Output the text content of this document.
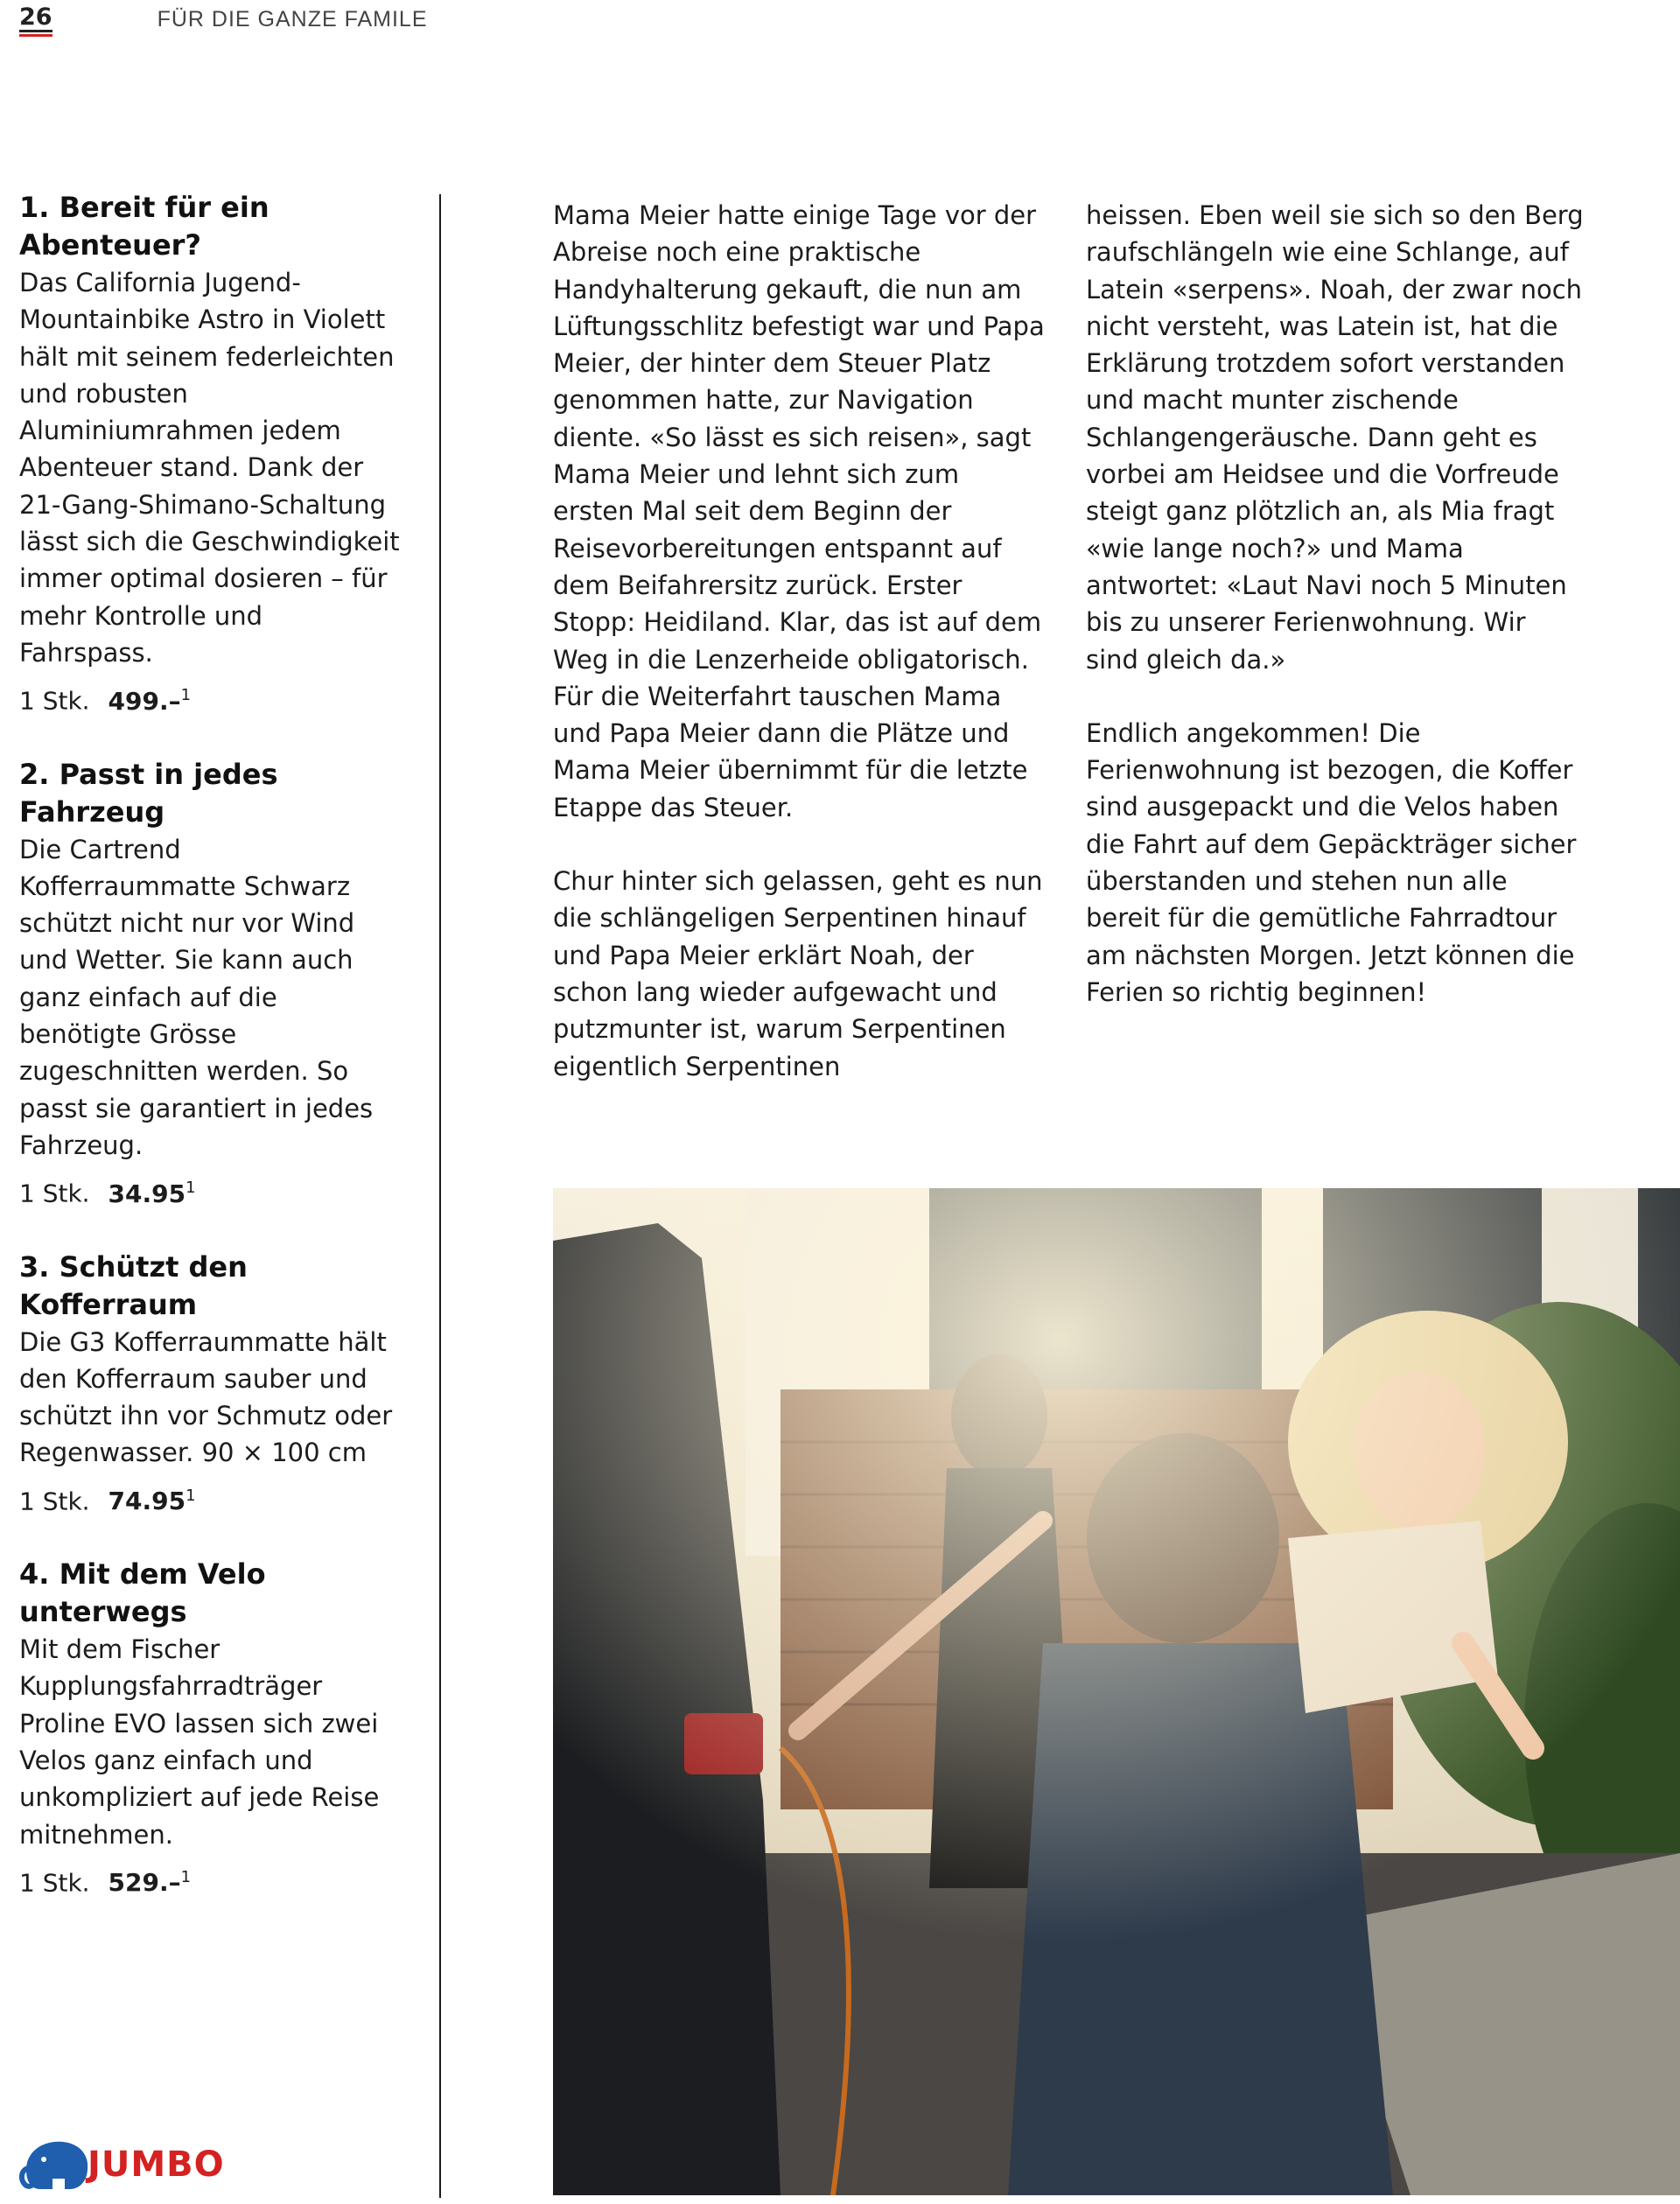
26	FÜR DIE GANZE FAMILE
1. Bereit für ein Abenteuer?

Das California Jugend-Mountainbike Astro in Violett hält mit seinem federleichten und robusten Aluminiumrahmen jedem Abenteuer stand. Dank der 21-Gang-Shimano-Schaltung lässt sich die Geschwindigkeit immer optimal dosieren – für mehr Kontrolle und Fahrspass.

1 Stk. 499.–$^1$
2. Passt in jedes Fahrzeug

Die Cartrend Kofferraummatte Schwarz schützt nicht nur vor Wind und Wetter. Sie kann auch ganz einfach auf die benötigte Grösse zugeschnitten werden. So passt sie garantiert in jedes Fahrzeug.

1 Stk. 34.95$^1$
3. Schützt den Kofferraum

Die G3 Kofferraummatte hält den Kofferraum sauber und schützt ihn vor Schmutz oder Regenwasser. 90 × 100 cm

1 Stk. 74.95$^1$
4. Mit dem Velo unterwegs

Mit dem Fischer Kupplungsfahrradträger Proline EVO lassen sich zwei Velos ganz einfach und unkompliziert auf jede Reise mitnehmen.

1 Stk. 529.–$^1$

Mama Meier hatte einige Tage vor der Abreise noch eine praktische Handyhalterung gekauft, die nun am Lüftungsschlitz befestigt war und Papa Meier, der hinter dem Steuer Platz genommen hatte, zur Navigation diente. «So lässt es sich reisen», sagt Mama Meier und lehnt sich zum ersten Mal seit dem Beginn der Reisevorbereitungen entspannt auf dem Beifahrersitz zurück. Erster Stopp: Heidiland. Klar, das ist auf dem Weg in die Lenzerheide obligatorisch. Für die Weiterfahrt tauschen Mama und Papa Meier dann die Plätze und Mama Meier übernimmt für die letzte Etappe das Steuer.

Chur hinter sich gelassen, geht es nun die schlängeligen Serpentinen hinauf und Papa Meier erklärt Noah, der schon lang wieder aufgewacht und putzmunter ist, warum Serpentinen eigentlich Serpentinen

heissen. Eben weil sie sich so den Berg raufschlängeln wie eine Schlange, auf Latein «serpens». Noah, der zwar noch nicht versteht, was Latein ist, hat die Erklärung trotzdem sofort verstanden und macht munter zischende Schlangengeräusche. Dann geht es vorbei am Heidsee und die Vorfreude steigt ganz plötzlich an, als Mia fragt «wie lange noch?» und Mama antwortet: «Laut Navi noch 5 Minuten bis zu unserer Ferienwohnung. Wir sind gleich da.»

Endlich angekommen! Die Ferienwohnung ist bezogen, die Koffer sind ausgepackt und die Velos haben die Fahrt auf dem Gepäckträger sicher überstanden und stehen nun alle bereit für die gemütliche Fahrradtour am nächsten Morgen. Jetzt können die Ferien so richtig beginnen!

JUMBO
